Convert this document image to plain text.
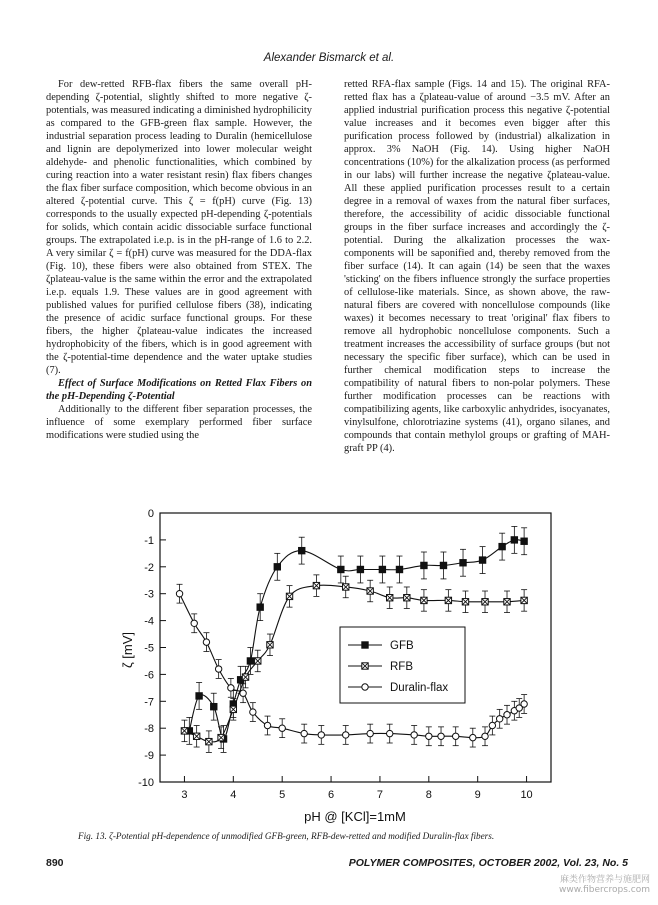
Alexander Bismarck et al.

For dew-retted RFB-flax fibers the same overall pH-depending ζ-potential, slightly shifted to more negative ζ-potentials, was measured indicating a diminished hydrophilicity as compared to the GFB-green flax sample. However, the industrial separation process leading to Duralin (hemicellulose and lignin are depolymerized into lower molecular weight aldehyde- and phenolic functionalities, which combined by curing reaction into a water resistant resin) flax fibers changes the flax fiber surface composition, which become obvious in an altered ζ-potential curve. This ζ = f(pH) curve (Fig. 13) corresponds to the usually expected pH-depending ζ-potentials for solids, which contain acidic dissociable surface functional groups. The extrapolated i.e.p. is in the pH-range of 1.6 to 2.2. A very similar ζ = f(pH) curve was measured for the DDA-flax (Fig. 10), these fibers were also obtained from STEX. The ζplateau-value is the same within the error and the extrapolated i.e.p. equals 1.9. These values are in good agreement with published values for purified cellulose fibers (38), indicating the presence of acidic surface functional groups. For these fibers, the higher ζplateau-value indicates the increased hydrophobicity of the fibers, which is in good agreement with the ζ-potential-time dependence and the water uptake studies (7).

Effect of Surface Modifications on Retted Flax Fibers on the pH-Depending ζ-Potential

Additionally to the different fiber separation processes, the influence of some exemplary performed fiber surface modifications were studied using the

retted RFA-flax sample (Figs. 14 and 15). The original RFA-retted flax has a ζplateau-value of around −3.5 mV. After an applied industrial purification process this negative ζ-potential value increases and it becomes even bigger after this purification process followed by (industrial) alkalization in approx. 3% NaOH (Fig. 14). Using higher NaOH concentrations (10%) for the alkalization process (as performed in our labs) will further increase the negative ζplateau-value. All these applied purification processes result to a certain degree in a removal of waxes from the natural fiber surfaces, therefore, the accessibility of acidic dissociable functional groups in the fiber surface increases and accordingly the ζ-potential. During the alkalization processes the wax-components will be saponified and, thereby removed from the fiber surface (14). It can again (14) be seen that the waxes 'sticking' on the fibers influence strongly the surface properties of cellulose-like materials. Since, as shown above, the raw-natural fibers are covered with noncellulose compounds (like waxes) it becomes necessary to treat 'original' flax fibers to remove all hydrophobic noncellulose components. Such a treatment increases the accessibility of surface groups (but not necessary the specific fiber surface), which can be used in further chemical modification steps to increase the compatibility of natural fibers to non-polar polymers. These further modification processes can be reactions with compatibilizing agents, like carboxylic anhydrides, isocyanates, vinylsulfone, chlorotriazine systems (41), organo silanes, and compounds that contain methylol groups or grafting of MAH-graft PP (4).

3	4	5	6	7	8	9	10
0
-1
-2
-3
-4
-5
-6
-7
-8
-9
-10
GFB
RFB
Duralin-flax
pH @ [KCl]=1mM
ζ [mV]
Fig. 13. ζ-Potential pH-dependence of unmodified GFB-green, RFB-dew-retted and modified Duralin-flax fibers.
890	POLYMER COMPOSITES, OCTOBER 2002, Vol. 23, No. 5
麻类作物营养与施肥网
www.fibercrops.com
